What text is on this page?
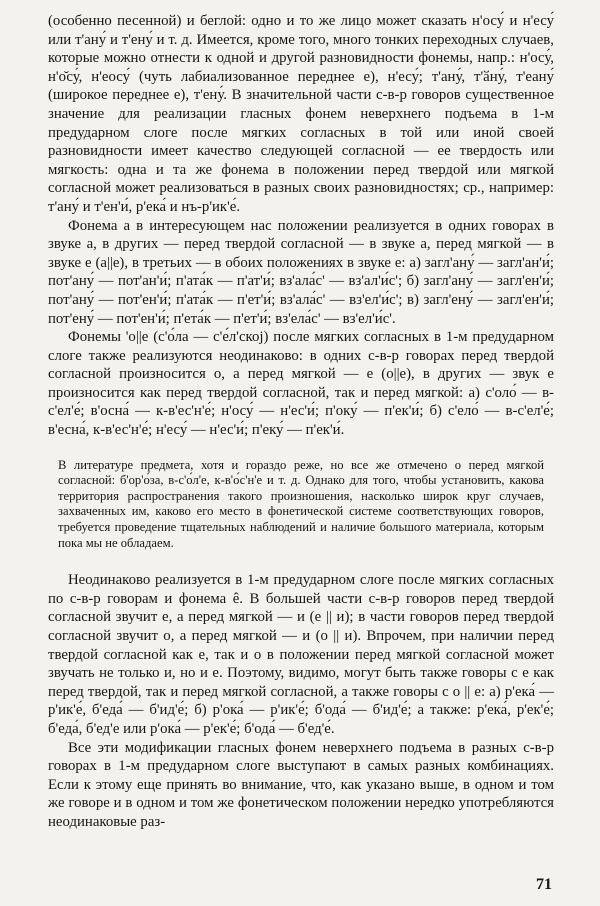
(особенно песенной) и беглой: одно и то же лицо может сказать н'осу́ и н'есу́ или т'ану́ и т'ену́ и т. д. Имеется, кроме того, много тонких переходных случаев, которые можно отнести к одной и другой разновидности фонемы, напр.: н'осу́, н'о̆су́, н'еосу́ (чуть лабиализованное переднее е), н'есу́; т'ану́, т'ӑну́, т'еану́ (широкое переднее е), т'ену́. В значительной части с-в-р говоров существенное значение для реализации гласных фонем неверхнего подъема в 1-м предударном слоге после мягких согласных в той или иной своей разновидности имеет качество следующей согласной — ее твердость или мягкость: одна и та же фонема в положении перед твердой или мягкой согласной может реализоваться в разных своих разновидностях; ср., например: т'ану́ и т'ен'и́, р'ека́ и нъ-р'ик'е́.

Фонема а в интересующем нас положении реализуется в одних говорах в звуке а, в других — перед твердой согласной — в звуке а, перед мягкой — в звуке е (а||е), в третьих — в обоих положениях в звуке е: а) загл'ану́ — загл'ан'и́; пот'ану́ — пот'ан'и́; п'ата́к — п'ат'и́; вз'ала́с' — вз'ал'и́с'; б) загл'ану́ — загл'ен'и́; пот'ану́ — пот'ен'и́; п'ата́к — п'ет'и́; вз'ала́с' — вз'ел'и́с'; в) загл'ену́ — загл'ен'и́; пот'ену́ — пот'ен'и́; п'ета́к — п'ет'и́; вз'ела́с' — вз'ел'и́с'.

Фонемы 'о||е (с'о́ла — с'е́л'ској) после мягких согласных в 1-м предударном слоге также реализуются неодинаково: в одних с-в-р говорах перед твердой согласной произносится о, а перед мягкой — е (о||е), в других — звук е произносится как перед твердой согласной, так и перед мягкой: а) с'оло́ — в-с'ел'е́; в'осна́ — к-в'ес'н'е́; н'осу́ — н'ес'и́; п'оку́ — п'ек'и́; б) с'ело́ — в-с'ел'е́; в'есна́, к-в'ес'н'е́; н'есу́ — н'ес'и́; п'еку́ — п'ек'и́.

В литературе предмета, хотя и гораздо реже, но все же отмечено о перед мягкой согласной: б'ор'о́за, в-с'о́л'е, к-в'о́с'н'е и т. д. Однако для того, чтобы установить, какова территория распространения такого произношения, насколько широк круг случаев, захваченных им, каково его место в фонетической системе соответствующих говоров, требуется проведение тщательных наблюдений и наличие большого материала, которым пока мы не обладаем.

Неодинаково реализуется в 1-м предударном слоге после мягких согласных по с-в-р говорам и фонема ê. В большей части с-в-р говоров перед твердой согласной звучит е, а перед мягкой — и (е || и); в части говоров перед твердой согласной звучит о, а перед мягкой — и (о || и). Впрочем, при наличии перед твердой согласной как е, так и о в положении перед мягкой согласной может звучать не только и, но и е. Поэтому, видимо, могут быть также говоры с е как перед твердой, так и перед мягкой согласной, а также говоры с о || е: а) р'ека́ — р'ик'е́, б'еда́ — б'ид'е́; б) р'ока́ — р'ик'е́; б'ода́ — б'ид'е́; а также: р'ека́, р'ек'е́; б'еда́, б'ед'е или р'ока́ — р'ек'е́; б'ода́ — б'ед'е́.

Все эти модификации гласных фонем неверхнего подъема в разных с-в-р говорах в 1-м предударном слоге выступают в самых разных комбинациях. Если к этому еще принять во внимание, что, как указано выше, в одном и том же говоре и в одном и том же фонетическом положении нередко употребляются неодинаковые раз-

71
